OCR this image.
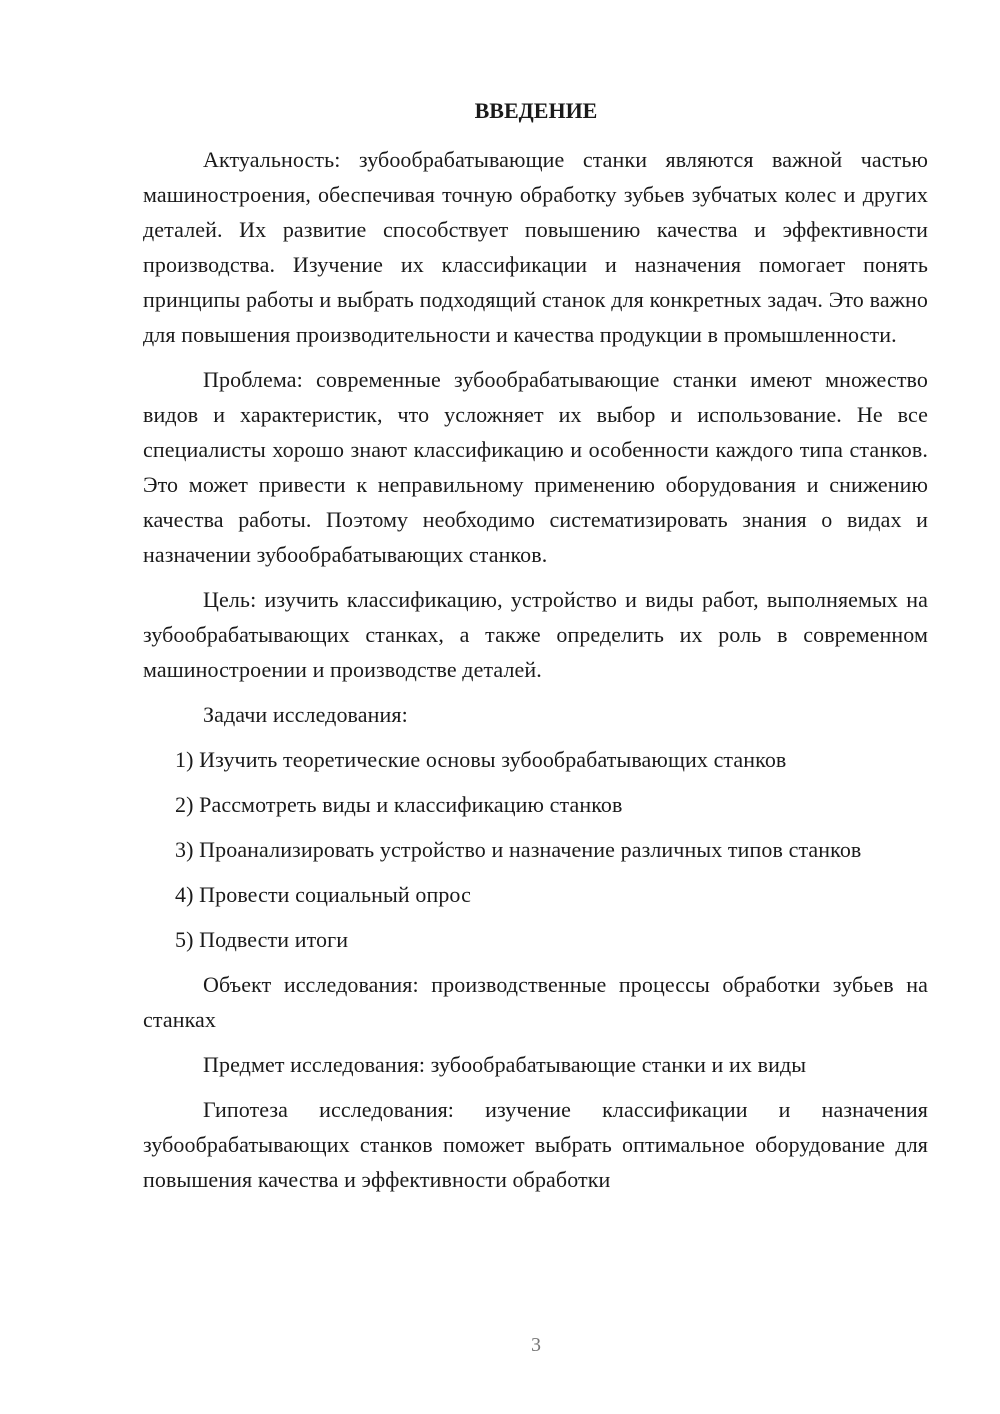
ВВЕДЕНИЕ

Актуальность: зубообрабатывающие станки являются важной частью машиностроения, обеспечивая точную обработку зубьев зубчатых колес и других деталей. Их развитие способствует повышению качества и эффективности производства. Изучение их классификации и назначения помогает понять принципы работы и выбрать подходящий станок для конкретных задач. Это важно для повышения производительности и качества продукции в промышленности.

Проблема: современные зубообрабатывающие станки имеют множество видов и характеристик, что усложняет их выбор и использование. Не все специалисты хорошо знают классификацию и особенности каждого типа станков. Это может привести к неправильному применению оборудования и снижению качества работы. Поэтому необходимо систематизировать знания о видах и назначении зубообрабатывающих станков.

Цель: изучить классификацию, устройство и виды работ, выполняемых на зубообрабатывающих станках, а также определить их роль в современном машиностроении и производстве деталей.

Задачи исследования:

1) Изучить теоретические основы зубообрабатывающих станков

2) Рассмотреть виды и классификацию станков

3) Проанализировать устройство и назначение различных типов станков

4) Провести социальный опрос

5) Подвести итоги

Объект исследования: производственные процессы обработки зубьев на станках

Предмет исследования: зубообрабатывающие станки и их виды

Гипотеза исследования: изучение классификации и назначения зубообрабатывающих станков поможет выбрать оптимальное оборудование для повышения качества и эффективности обработки

3
